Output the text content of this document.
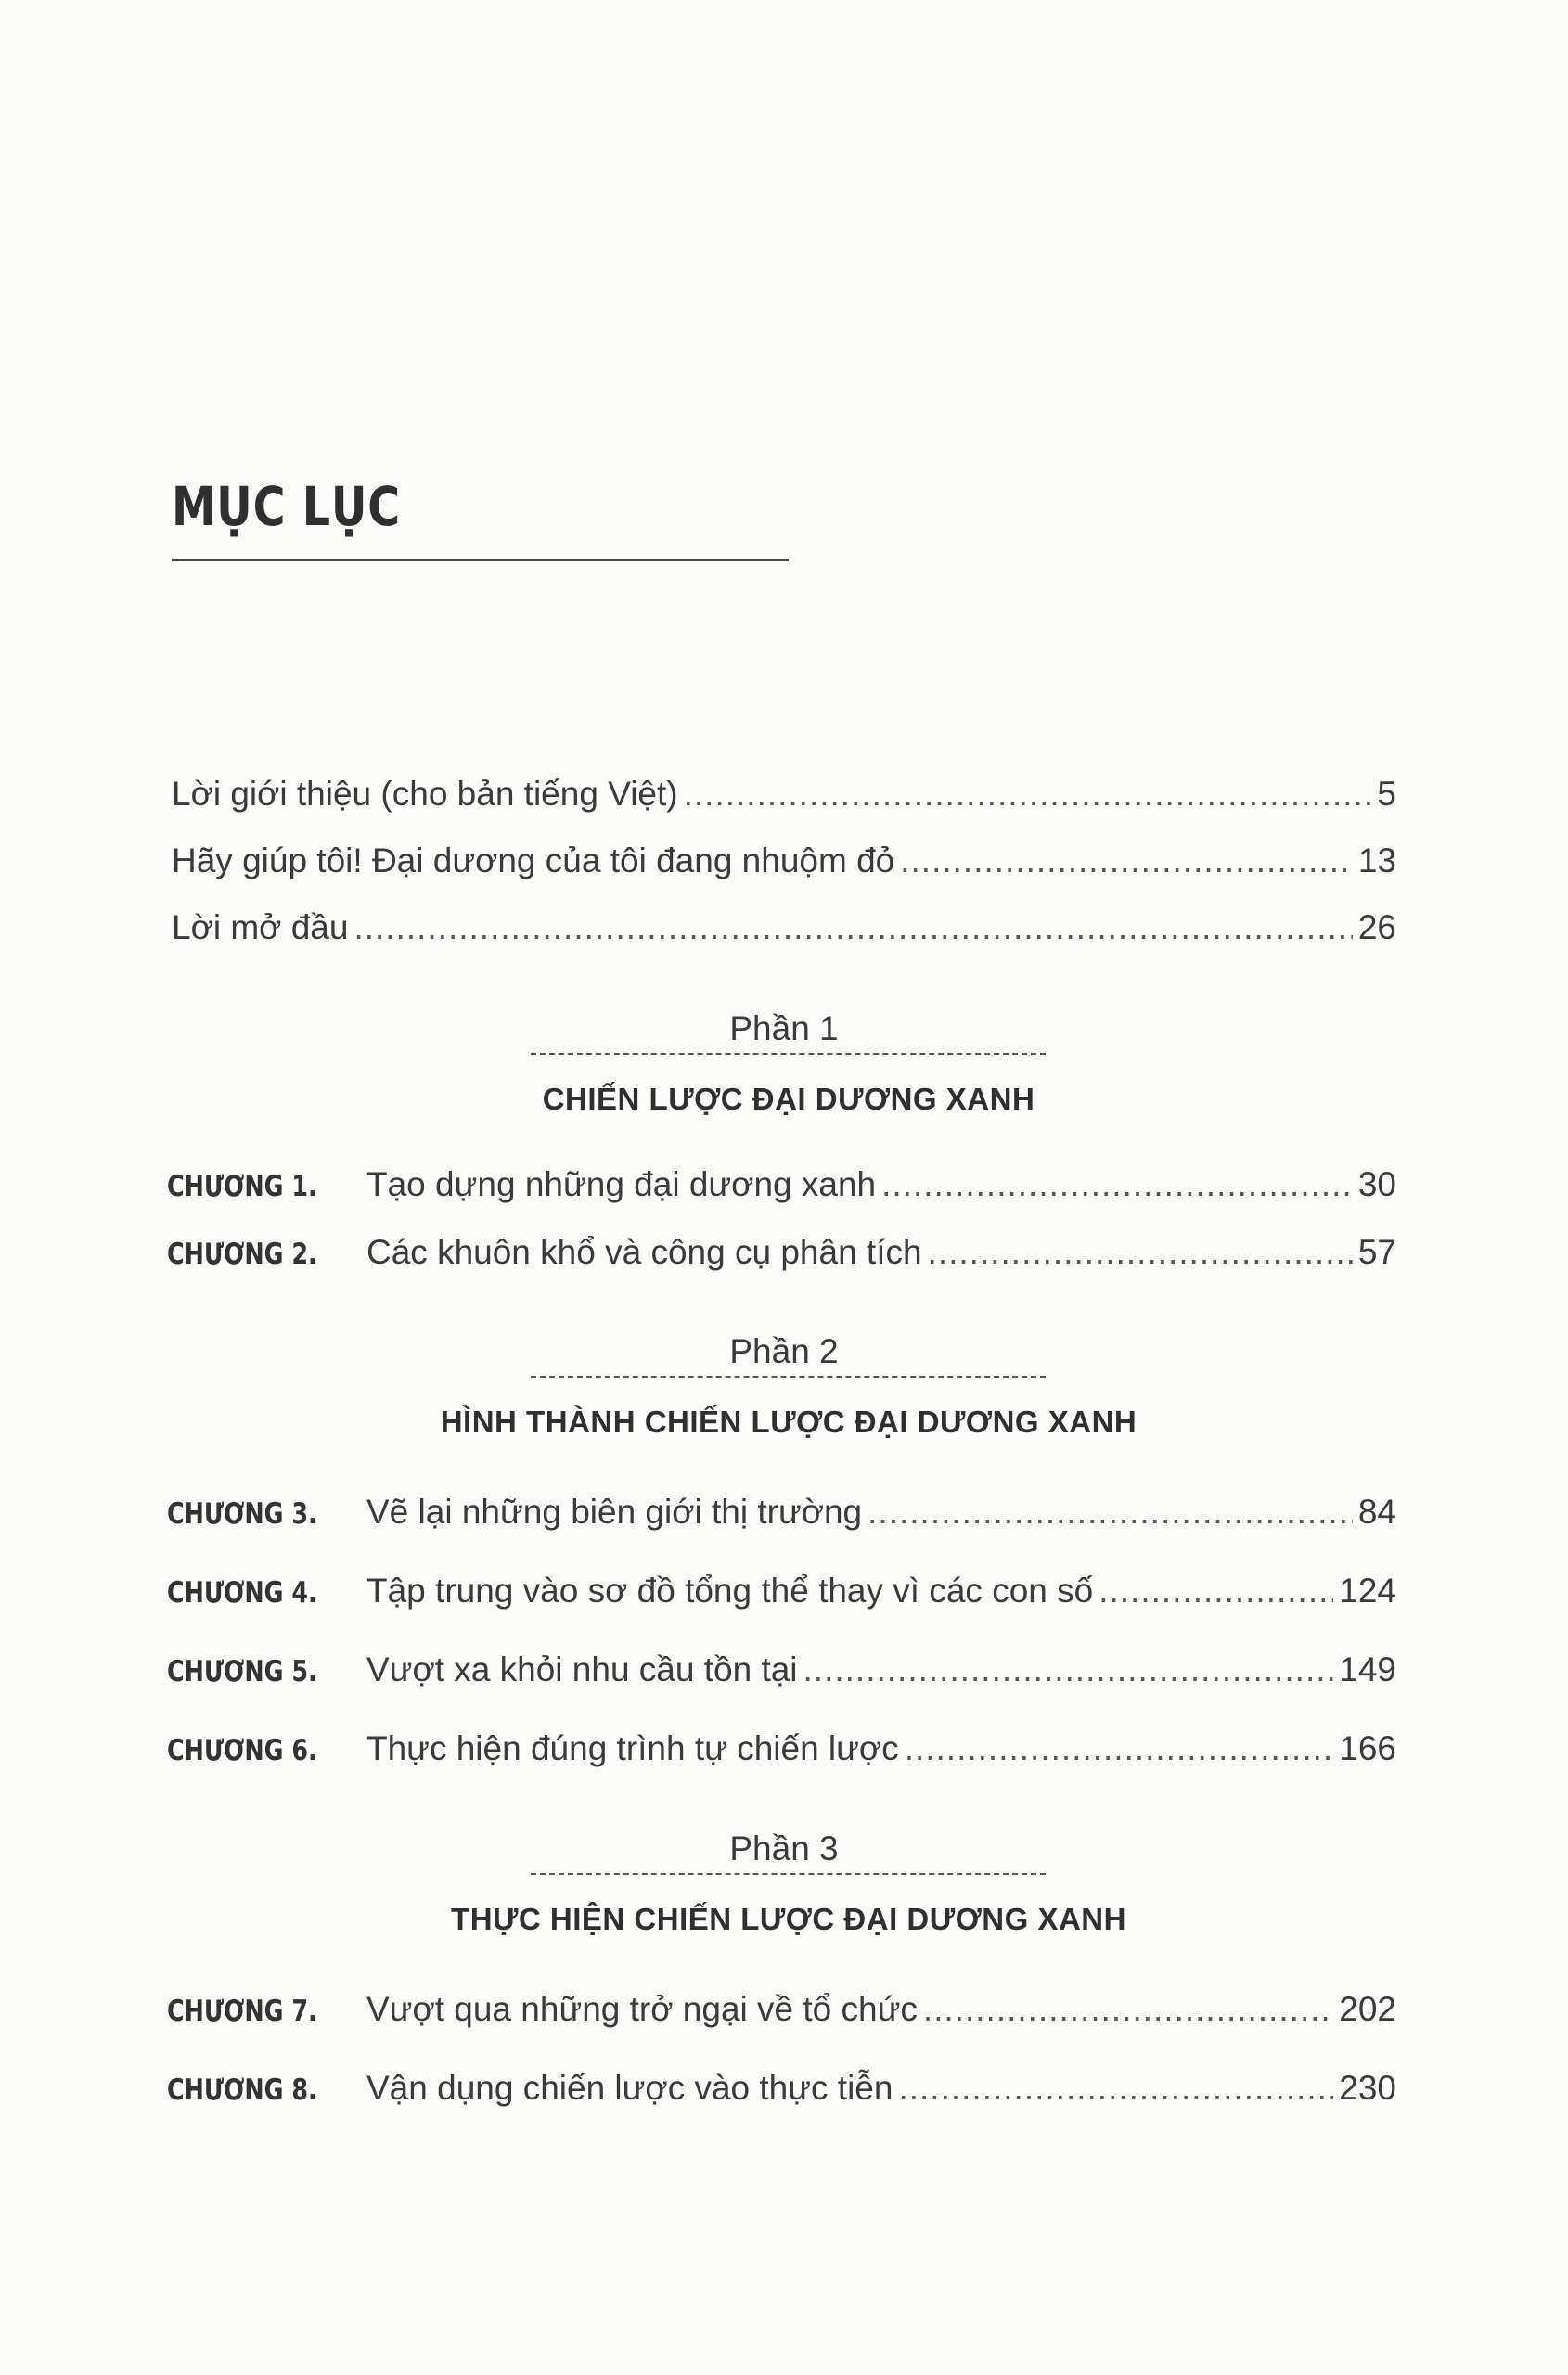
MỤC LỤC
Lời giới thiệu (cho bản tiếng Việt) .....	5
Hãy giúp tôi! Đại dương của tôi đang nhuộm đỏ .....	13
Lời mở đầu .....	26
Phần 1
CHIẾN LƯỢC ĐẠI DƯƠNG XANH
CHƯƠNG 1.	Tạo dựng những đại dương xanh .....	30
CHƯƠNG 2.	Các khuôn khổ và công cụ phân tích .....	57
Phần 2
HÌNH THÀNH CHIẾN LƯỢC ĐẠI DƯƠNG XANH
CHƯƠNG 3.	Vẽ lại những biên giới thị trường .....	84
CHƯƠNG 4.	Tập trung vào sơ đồ tổng thể thay vì các con số .....	124
CHƯƠNG 5.	Vượt xa khỏi nhu cầu tồn tại .....	149
CHƯƠNG 6.	Thực hiện đúng trình tự chiến lược .....	166
Phần 3
THỰC HIỆN CHIẾN LƯỢC ĐẠI DƯƠNG XANH
CHƯƠNG 7.	Vượt qua những trở ngại về tổ chức .....	202
CHƯƠNG 8.	Vận dụng chiến lược vào thực tiễn .....	230
